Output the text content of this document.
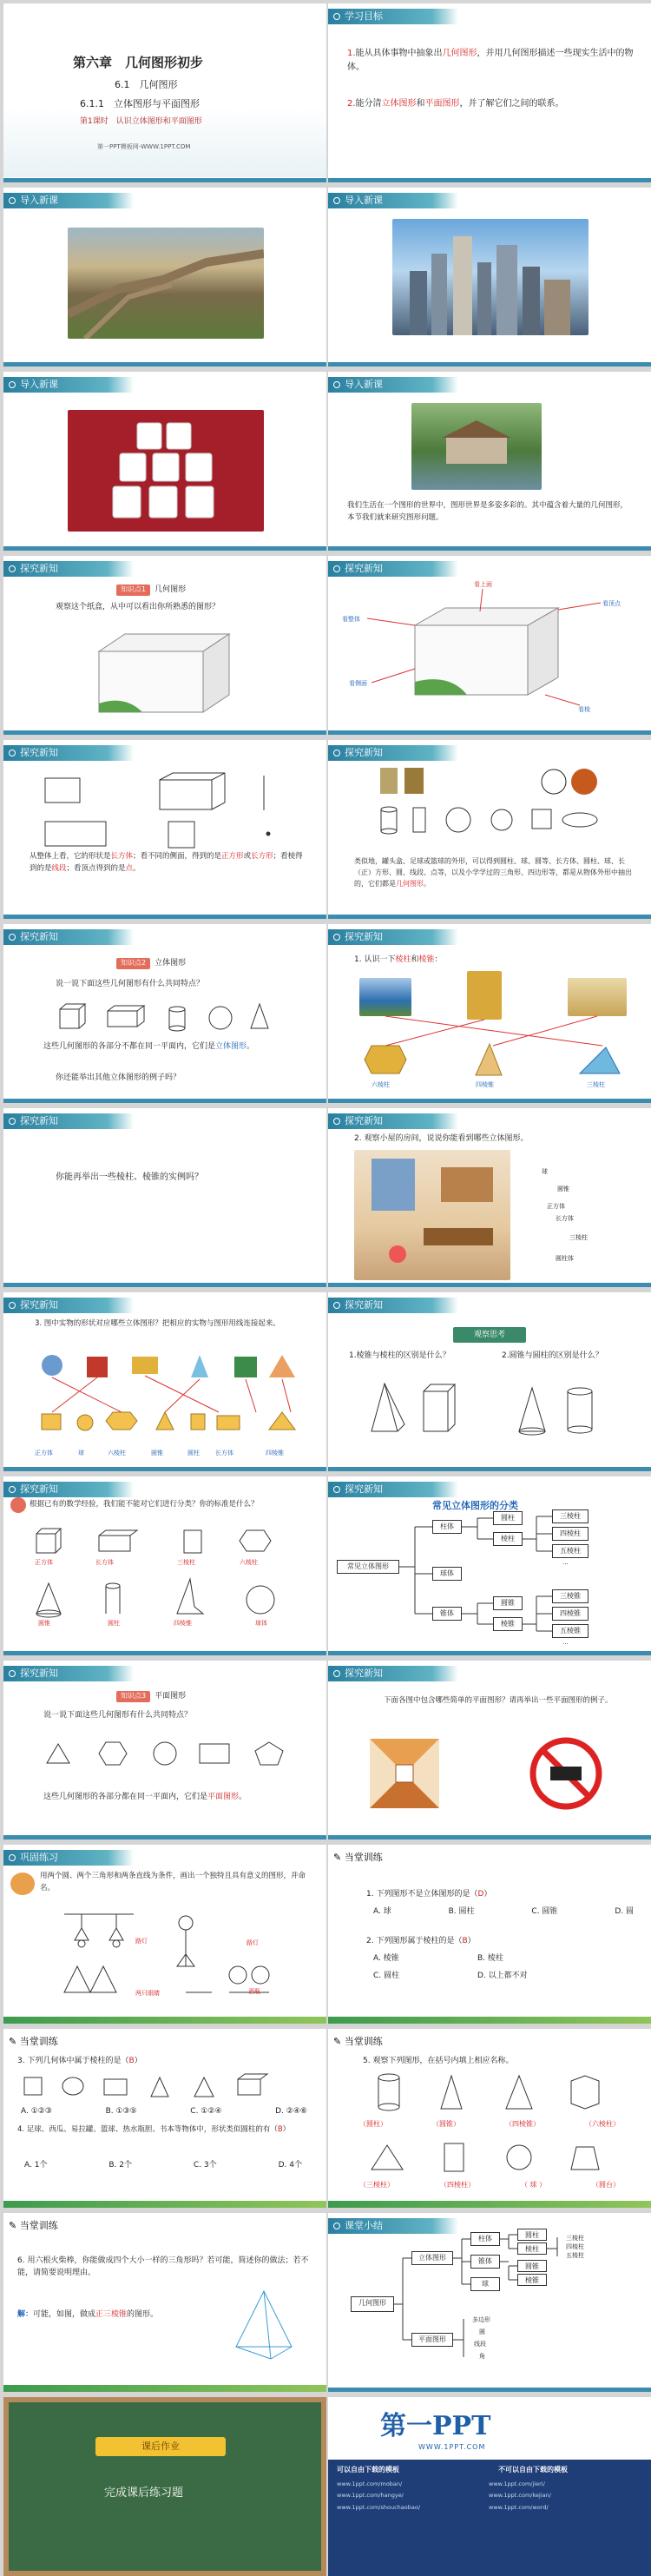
第六章　几何图形初步
6.1　几何图形
6.1.1　立体图形与平面图形
第1课时　认识立体图形和平面图形
第一PPT模板网-WWW.1PPT.COM
学习目标
1.能从具体事物中抽象出几何图形，并用几何图形描述一些现实生活中的物体。
2.能分清立体图形和平面图形，并了解它们之间的联系。
导入新课	导入新课
导入新课	导入新课
我们生活在一个图形的世界中，图形世界是多姿多彩的。其中蕴含着大量的几何图形，本节我们就来研究图形问题。
探究新知
知识点1 几何图形
观察这个纸盒，从中可以看出你所熟悉的图形？
探究新知
看上面
看整体
看顶点
看侧面
看棱
探究新知
从整体上看，它的形状是长方体；看不同的侧面，得到的是正方形或长方形；看棱得到的是线段；看顶点得到的是点。
探究新知
类似地，罐头盒、足球或篮球的外形，可以得到圆柱、球、圆等、长方体、圆柱、球、长（正）方形、圆、线段、点等，以及小学学过的三角形、四边形等，都是从物体外形中抽出的，它们都是几何图形。
探究新知
知识点2 立体图形
说一说下面这些几何图形有什么共同特点？
这些几何图形的各部分不都在同一平面内，它们是立体图形。
你还能举出其他立体图形的例子吗？
探究新知
1. 认识一下棱柱和棱锥：
六棱柱	四棱锥	三棱柱
探究新知
你能再举出一些棱柱、棱锥的实例吗？
探究新知
2. 观察小屋的房间，说说你能看到哪些立体图形。
球
圆锥
正方体
长方体
三棱柱
圆柱体
探究新知
3. 图中实物的形状对应哪些立体图形？把相应的实物与图形用线连接起来。
正方体	球	六棱柱	圆锥	圆柱	长方体	四棱锥
探究新知
观察思考
1.棱锥与棱柱的区别是什么？	2.圆锥与圆柱的区别是什么？
探究新知
根据已有的数学经验，我们能不能对它们进行分类？你的标准是什么？
正方体	长方体	三棱柱	六棱柱
圆锥	圆柱	四棱锥	球体
探究新知
常见立体图形的分类
常见立体图形
柱体
圆柱
棱柱
三棱柱
四棱柱
五棱柱
...
球体
锥体
圆锥
棱锥
三棱锥
四棱锥
五棱锥
...
探究新知
知识点3 平面图形
说一说下面这些几何图形有什么共同特点？
这些几何图形的各部分都在同一平面内，它们是平面图形。
探究新知
下面各图中包含哪些简单的平面图形？请再举出一些平面图形的例子。
巩固练习
用两个圆、两个三角形和两条直线为条件，画出一个独特且具有意义的图形，并命名。
路灯	路灯
两只眼睛	酒瓶
✎ 当堂训练
1. 下列图形不是立体图形的是（D）
A. 球	B. 圆柱	C. 圆锥	D. 圆
2. 下列图形属于棱柱的是（B）
A. 棱锥	B. 棱柱
C. 圆柱	D. 以上都不对
✎ 当堂训练
3. 下列几何体中属于棱柱的是（B）
A. ①②③	B. ①③⑤	C. ①②④	D. ②④⑥
4. 足球、西瓜、易拉罐、篮球、热水瓶胆、书本等物体中，形状类似圆柱的有（B）
A. 1个	B. 2个	C. 3个	D. 4个
✎ 当堂训练
5. 观察下列图形，在括号内填上相应名称。
（圆柱）	（圆锥）	（四棱锥）	（六棱柱）
（三棱柱）	（四棱柱）	（ 球 ）	（圆台）
✎ 当堂训练
6. 用六根火柴棒，你能做成四个大小一样的三角形吗？若可能，简述你的做法；若不能，请简要说明理由。
解：可能，如图，做成正三棱锥的图形。
课堂小结
几何图形
立体图形
平面图形
柱体
锥体
球
圆柱
棱柱
圆锥
棱锥
三棱柱
四棱柱
五棱柱
多边形
圆
线段
角
课后作业
完成课后练习题
第一PPT
WWW.1PPT.COM
可以自由下载的模板	不可以自由下载的模板
www.1ppt.com/moban/	www.1ppt.com/jieri/
www.1ppt.com/hangye/	www.1ppt.com/kejian/
www.1ppt.com/shouchaobao/	www.1ppt.com/word/
